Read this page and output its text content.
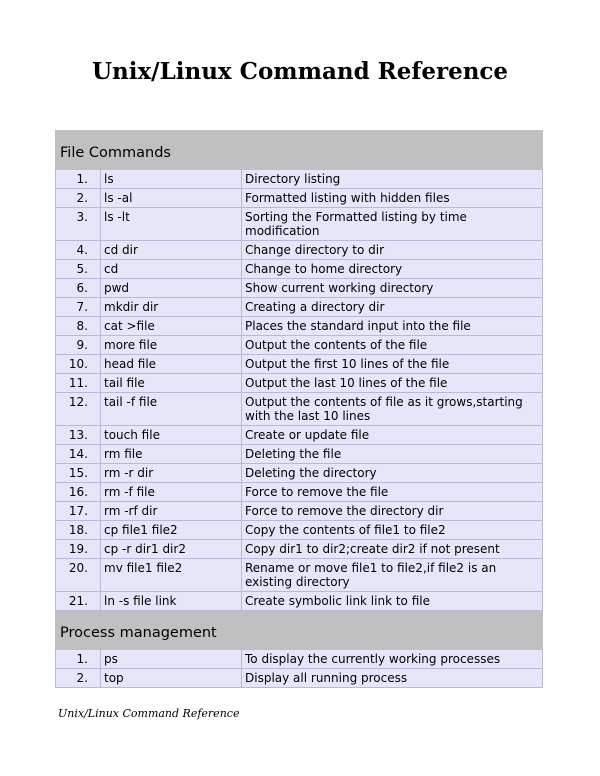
Unix/Linux Command Reference
File Commands		
1.	ls	Directory listing
2.	ls -al	Formatted listing with hidden files
3.	ls -lt	Sorting the Formatted listing by time modification
4.	cd dir	Change directory to dir
5.	cd	Change to home directory
6.	pwd	Show current working directory
7.	mkdir dir	Creating a directory dir
8.	cat >file	Places the standard input into the file
9.	more file	Output the contents of the file
10.	head file	Output the first 10 lines of the file
11.	tail file	Output the last 10 lines of the file
12.	tail -f file	Output the contents of file as it grows,starting with the last 10 lines
13.	touch file	Create or update file
14.	rm file	Deleting the file
15.	rm -r dir	Deleting the directory
16.	rm -f file	Force to remove the file
17.	rm -rf dir	Force to remove the directory dir
18.	cp file1 file2	Copy the contents of file1 to file2
19.	cp -r dir1 dir2	Copy dir1 to dir2;create dir2 if not present
20.	mv file1 file2	Rename or move file1 to file2,if file2 is an existing directory
21.	ln -s file link	Create symbolic link link to file
Process management		
1.	ps	To display the currently working processes
2.	top	Display all running process
Unix/Linux Command Reference
